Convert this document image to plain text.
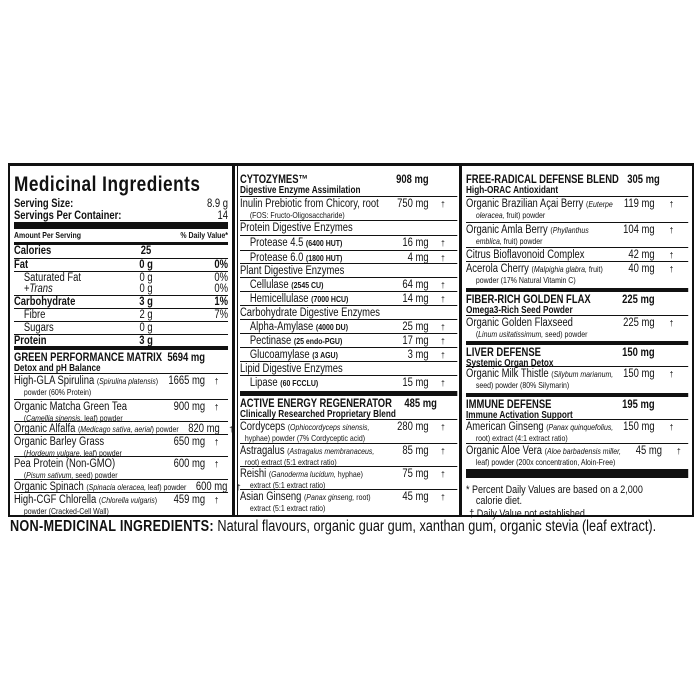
Medicinal Ingredients
Serving Size:	8.9 g
Servings Per Container:	14
Amount Per Serving	% Daily Value*
Calories	25
Fat	0 g	0%
Saturated Fat	0 g	0%
+Trans	0 g	0%
Carbohydrate	3 g	1%
Fibre	2 g	7%
Sugars	0 g
Protein	3 g
GREEN PERFORMANCE MATRIX
Detox and pH Balance
5694 mg
High-GLA Spirulina (Spirulina platensis)
powder (60% Protein)
1665 mg	†
Organic Matcha Green Tea
(Camellia sinensis, leaf) powder
900 mg	†
Organic Alfalfa (Medicago sativa, aerial) powder 820 mg	†
Organic Barley Grass
(Hordeum vulgare, leaf) powder
650 mg	†
Pea Protein (Non-GMO)
(Pisum sativum, seed) powder
600 mg	†
Organic Spinach (Spinacia oleracea, leaf) powder 600 mg	†
High-CGF Chlorella (Chlorella vulgaris)
powder (Cracked-Cell Wall)
459 mg	†
CYTOZYMES™
Digestive Enzyme Assimilation
908 mg
Inulin Prebiotic from Chicory, root
(FOS: Fructo-Oligosaccharide)
750 mg	†
Protein Digestive Enzymes
Protease 4.5 (6400 HUT)	16 mg	†
Protease 6.0 (1800 HUT)	4 mg	†
Plant Digestive Enzymes
Cellulase (2545 CU)	64 mg	†
Hemicellulase (7000 HCU)	14 mg	†
Carbohydrate Digestive Enzymes
Alpha-Amylase (4000 DU)	25 mg	†
Pectinase (25 endo-PGU)	17 mg	†
Glucoamylase (3 AGU)	3 mg	†
Lipid Digestive Enzymes
Lipase (60 FCCLU)	15 mg	†
ACTIVE ENERGY REGENERATOR
Clinically Researched Proprietary Blend
485 mg
Cordyceps (Ophiocordyceps sinensis,
hyphae) powder (7% Cordyceptic acid)
280 mg	†
Astragalus (Astragalus membranaceus,
root) extract (5:1 extract ratio)
85 mg	†
Reishi (Ganoderma lucidum, hyphae)
extract (5:1 extract ratio)
75 mg	†
Asian Ginseng (Panax ginseng, root)
extract (5:1 extract ratio)
45 mg	†
FREE-RADICAL DEFENSE BLEND
High-ORAC Antioxidant
305 mg
Organic Brazilian Açai Berry (Euterpe
oleracea, fruit) powder
119 mg	†
Organic Amla Berry (Phyllanthus
emblica, fruit) powder
104 mg	†
Citrus Bioflavonoid Complex	42 mg	†
Acerola Cherry (Malpighia glabra, fruit)
powder (17% Natural Vitamin C)
40 mg	†
FIBER-RICH GOLDEN FLAX
Omega3-Rich Seed Powder
225 mg
Organic Golden Flaxseed
(Linum usitatissimum, seed) powder
225 mg	†
LIVER DEFENSE
Systemic Organ Detox
150 mg
Organic Milk Thistle (Silybum marianum,
seed) powder (80% Silymarin)
150 mg	†
IMMUNE DEFENSE
Immune Activation Support
195 mg
American Ginseng (Panax quinquefolius,
root) extract (4:1 extract ratio)
150 mg	†
Organic Aloe Vera (Aloe barbadensis miller,
leaf) powder (200x concentration, Aloin-Free)
45 mg	†
* Percent Daily Values are based on a 2,000
calorie diet.
† Daily Value not established.
NON-MEDICINAL INGREDIENTS: Natural flavours, organic guar gum, xanthan gum, organic stevia (leaf extract).
